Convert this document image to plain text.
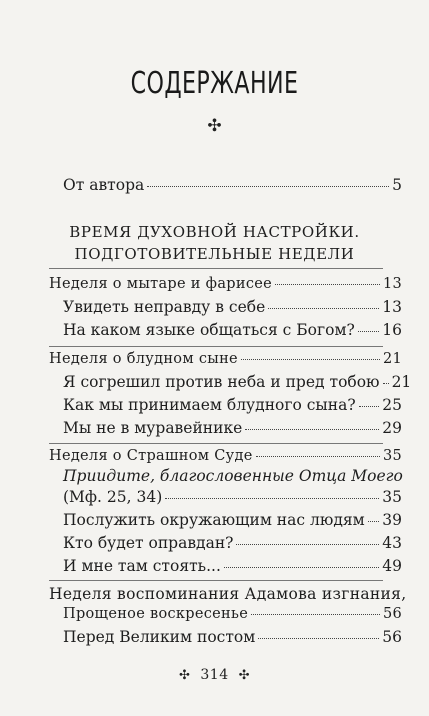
СОДЕРЖАНИЕ
✣
От автора	5
ВРЕМЯ ДУХОВНОЙ НАСТРОЙКИ.
ПОДГОТОВИТЕЛЬНЫЕ НЕДЕЛИ
Неделя о мытаре и фарисее	13
Увидеть неправду в себе	13
На каком языке общаться с Богом? 16
Неделя о блудном сыне	21
Я согрешил против неба и пред тобою 21
Как мы принимаем блудного сына? 25
Мы не в муравейнике	29
Неделя о Страшном Суде	35
Приидите, благословенные Отца Моего
(Мф. 25, 34)	35
Послужить окружающим нас людям 39
Кто будет оправдан?	43
И мне там стоять...	49
Неделя воспоминания Адамова изгнания,
Прощеное воскресенье	56
Перед Великим постом	56
✣ 314 ✣
